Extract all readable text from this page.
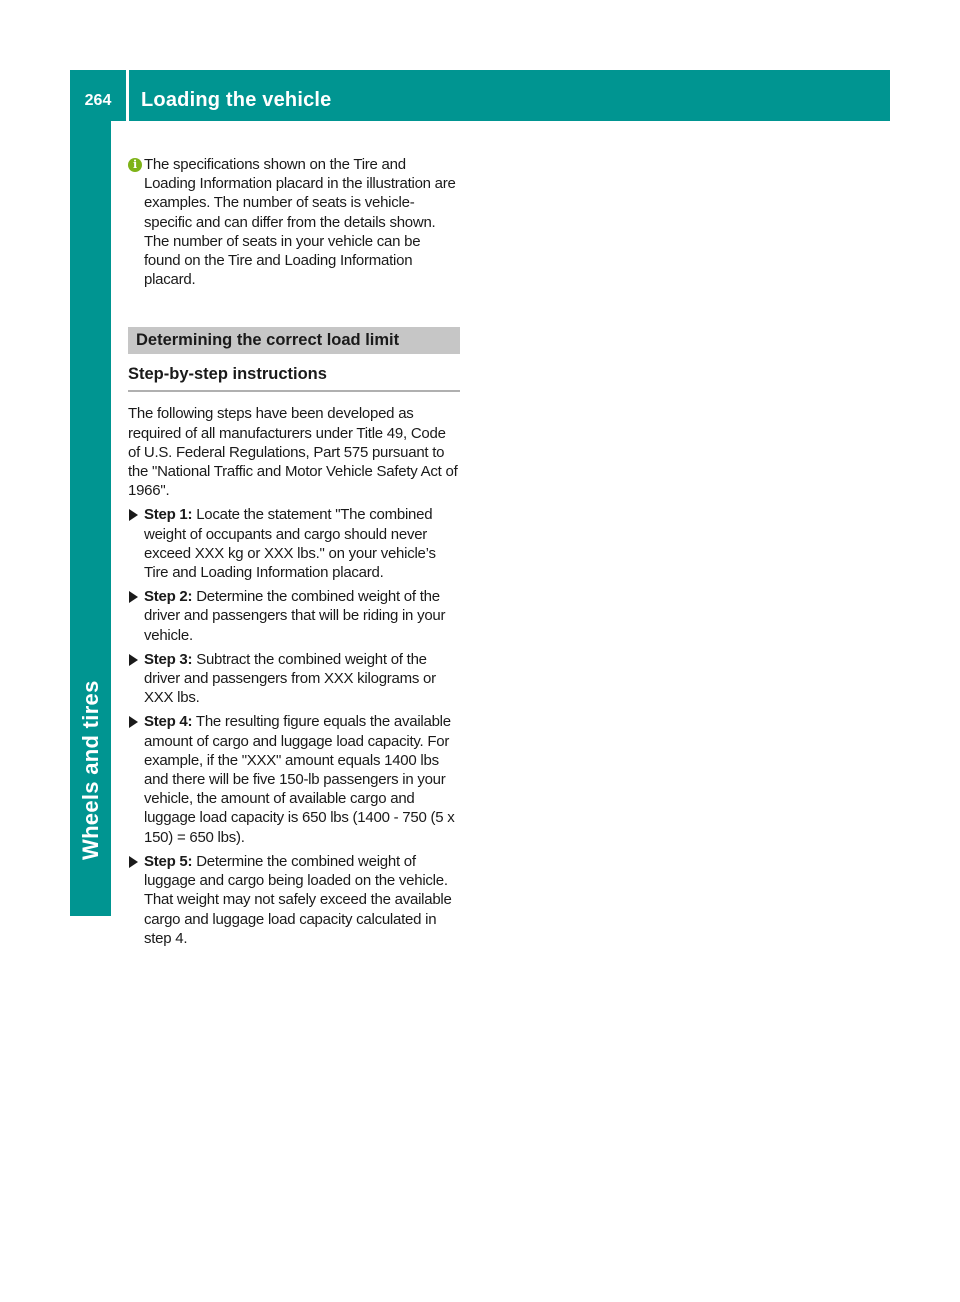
264	Loading the vehicle
Wheels and tires
i The specifications shown on the Tire and Loading Information placard in the illustration are examples. The number of seats is vehicle-specific and can differ from the details shown. The number of seats in your vehicle can be found on the Tire and Loading Information placard.
Determining the correct load limit
Step-by-step instructions
The following steps have been developed as required of all manufacturers under Title 49, Code of U.S. Federal Regulations, Part 575 pursuant to the "National Traffic and Motor Vehicle Safety Act of 1966".
Step 1: Locate the statement "The combined weight of occupants and cargo should never exceed XXX kg or XXX lbs." on your vehicle’s Tire and Loading Information placard.
Step 2: Determine the combined weight of the driver and passengers that will be riding in your vehicle.
Step 3: Subtract the combined weight of the driver and passengers from XXX kilograms or XXX lbs.
Step 4: The resulting figure equals the available amount of cargo and luggage load capacity. For example, if the "XXX" amount equals 1400 lbs and there will be five 150-lb passengers in your vehicle, the amount of available cargo and luggage load capacity is 650 lbs (1400 - 750 (5 x 150) = 650 lbs).
Step 5: Determine the combined weight of luggage and cargo being loaded on the vehicle. That weight may not safely exceed the available cargo and luggage load capacity calculated in step 4.
